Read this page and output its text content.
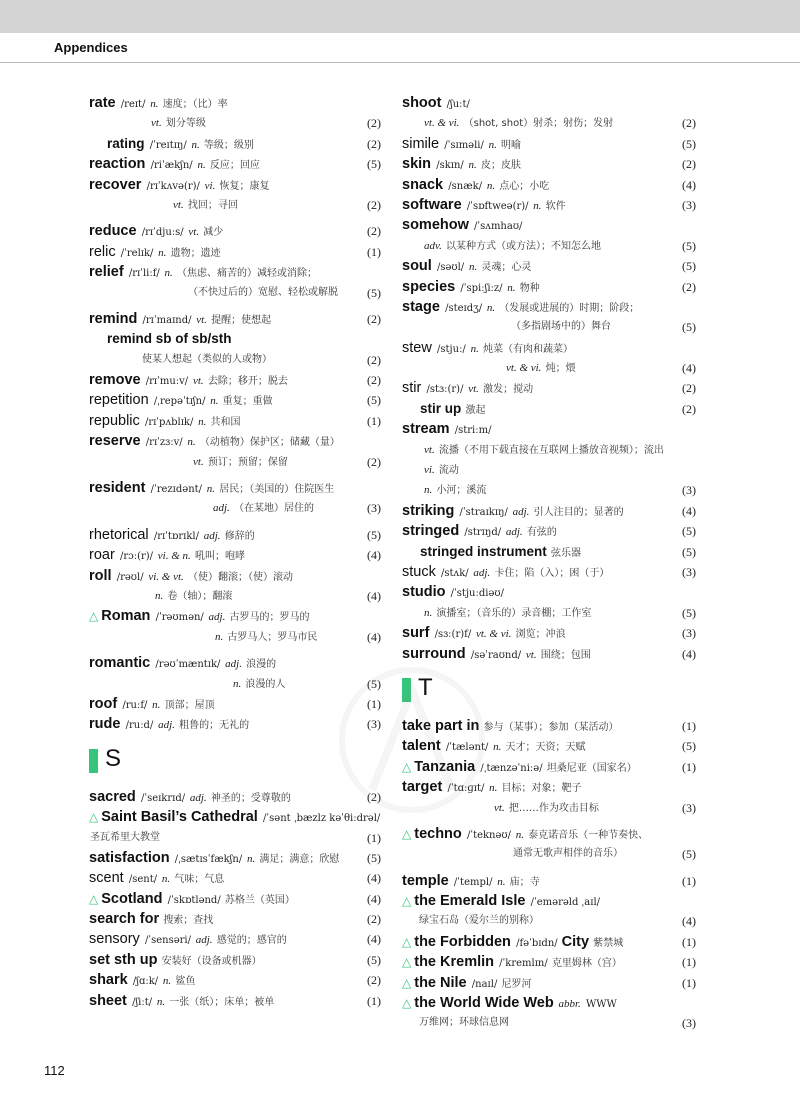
Appendices
rate /reɪt/ n. 速度；（比）率
vt. 划分等级	(2)
rating /ˈreɪtɪŋ/ n. 等级；级别	(2)
reaction /riˈækʃn/ n. 反应；回应	(5)
recover /rɪˈkʌvə(r)/ vi. 恢复；康复
vt. 找回；寻回	(2)
reduce /rɪˈdjuːs/ vt. 减少	(2)
relic /ˈrelɪk/ n. 遗物；遗迹	(1)
relief /rɪˈliːf/ n. （焦虑、痛苦的）减轻或消除；
（不快过后的）宽慰、轻松或解脱 (5)
remind /rɪˈmaɪnd/ vt. 提醒；使想起	(2)
remind sb of sb/sth
使某人想起（类似的人或物）	(2)
remove /rɪˈmuːv/ vt. 去除；移开；脱去	(2)
repetition /ˌrepəˈtɪʃn/ n. 重复；重做	(5)
republic /rɪˈpʌblɪk/ n. 共和国	(1)
reserve /rɪˈzɜːv/ n. （动植物）保护区；储藏（量）
vt. 预订；预留；保留	(2)
resident /ˈrezɪdənt/ n. 居民；（美国的）住院医生
adj. （在某地）居住的	(3)
rhetorical /rɪˈtɒrɪkl/ adj. 修辞的	(5)
roar /rɔː(r)/ vi. & n. 吼叫；咆哮	(4)
roll /rəʊl/ vi. & vt. （使）翻滚；（使）滚动
n. 卷（轴）；翻滚	(4)
△ Roman /ˈrəʊmən/ adj. 古罗马的；罗马的
n. 古罗马人；罗马市民	(4)
romantic /rəʊˈmæntɪk/ adj. 浪漫的
n. 浪漫的人	(5)
roof /ruːf/ n. 顶部；屋顶	(1)
rude /ruːd/ adj. 粗鲁的；无礼的	(3)
S
sacred /ˈseɪkrɪd/ adj. 神圣的；受尊敬的	(2)
△ Saint Basil’s Cathedral /ˈsənt ˌbæzlz kəˈθiːdrəl/
圣瓦希里大教堂	(1)
satisfaction /ˌsætɪsˈfækʃn/ n. 满足；满意；欣慰 (5)
scent /sent/ n. 气味；气息	(4)
△ Scotland /ˈskɒtlənd/ 苏格兰（英国）	(4)
search for 搜索；查找	(2)
sensory /ˈsensəri/ adj. 感觉的；感官的	(4)
set sth up 安装好（设备或机器）	(5)
shark /ʃɑːk/ n. 鲨鱼	(2)
sheet /ʃiːt/ n. 一张（纸）；床单；被单	(1)
shoot /ʃuːt/
vt. & vi. （shot, shot）射杀；射伤；发射	(2)
simile /ˈsɪməli/ n. 明喻	(5)
skin /skɪn/ n. 皮；皮肤	(2)
snack /snæk/ n. 点心；小吃	(4)
software /ˈsɒftweə(r)/ n. 软件	(3)
somehow /ˈsʌmhaʊ/
adv. 以某种方式（或方法）；不知怎么地	(5)
soul /səʊl/ n. 灵魂；心灵	(5)
species /ˈspiːʃiːz/ n. 物种	(2)
stage /steɪdʒ/ n. （发展或进展的）时期；阶段；
（多指剧场中的）舞台	(5)
stew /stjuː/ n. 炖菜（有肉和蔬菜）
vt. & vi. 炖；煨	(4)
stir /stɜː(r)/ vt. 激发；搅动	(2)
stir up 激起	(2)
stream /striːm/
vt. 流播（不用下载直接在互联网上播放音视频）；流出
vi. 流动
n. 小河；溪流	(3)
striking /ˈstraɪkɪŋ/ adj. 引人注目的；显著的	(4)
stringed /strɪŋd/ adj. 有弦的	(5)
stringed instrument 弦乐器	(5)
stuck /stʌk/ adj. 卡住；陷（入）；困（于）	(3)
studio /ˈstjuːdiəʊ/
n. 演播室；（音乐的）录音棚；工作室	(5)
surf /sɜː(r)f/ vt. & vi. 浏览；冲浪	(3)
surround /səˈraʊnd/ vt. 围绕；包围	(4)
T
take part in 参与（某事）；参加（某活动）	(1)
talent /ˈtælənt/ n. 天才；天资；天赋	(5)
△ Tanzania /ˌtænzəˈniːə/ 坦桑尼亚（国家名）	(1)
target /ˈtɑːɡɪt/ n. 目标；对象；靶子
vt. 把……作为攻击目标	(3)
△ techno /ˈteknəʊ/ n. 泰克诺音乐（一种节奏快、
通常无歌声相伴的音乐）	(5)
temple /ˈtempl/ n. 庙；寺	(1)
△ the Emerald Isle /ˈemərəld ˌaɪl/
绿宝石岛（爱尔兰的别称）	(4)
△ the Forbidden /fəˈbɪdn/ City 紫禁城	(1)
△ the Kremlin /ˈkremlɪn/ 克里姆林（宫）	(1)
△ the Nile /naɪl/ 尼罗河	(1)
△ the World Wide Web abbr. WWW
万维网；环球信息网	(3)
112
